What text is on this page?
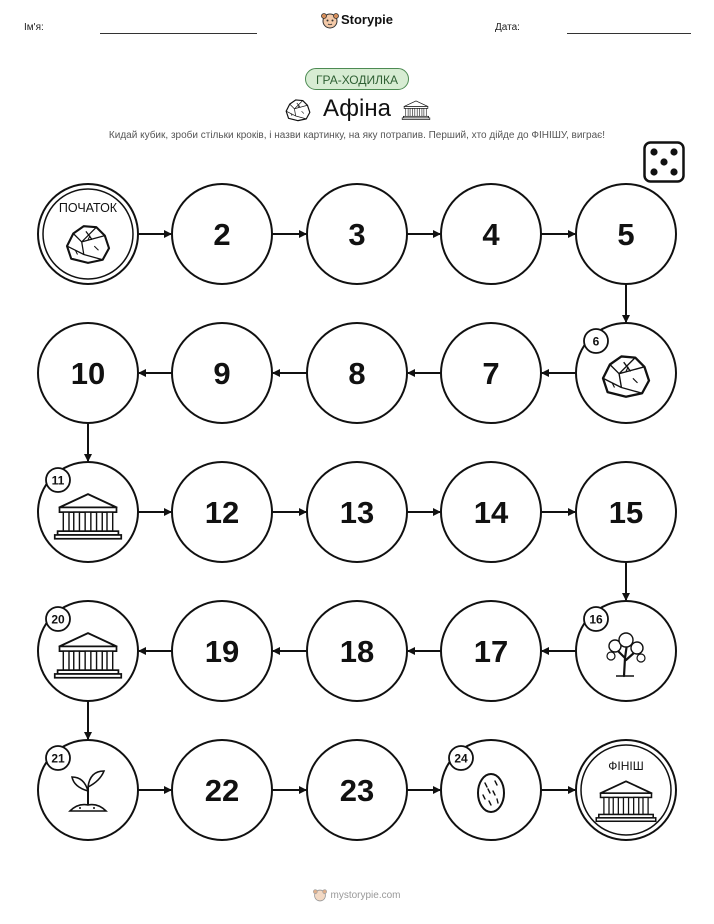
Ім'я:
Storypie
Дата:
ГРА-ХОДИЛКА
Афіна
Кидай кубик, зроби стільки кроків, і назви картинку, на яку потрапив. Перший, хто дійде до ФІНІШУ, виграє!
ПОЧАТОК
2	3	4	5
6
7
8
9
10
11
12	13	14	15
16
17
18
19
20
21
22	23
24
ФІНІШ
mystorypie.com
